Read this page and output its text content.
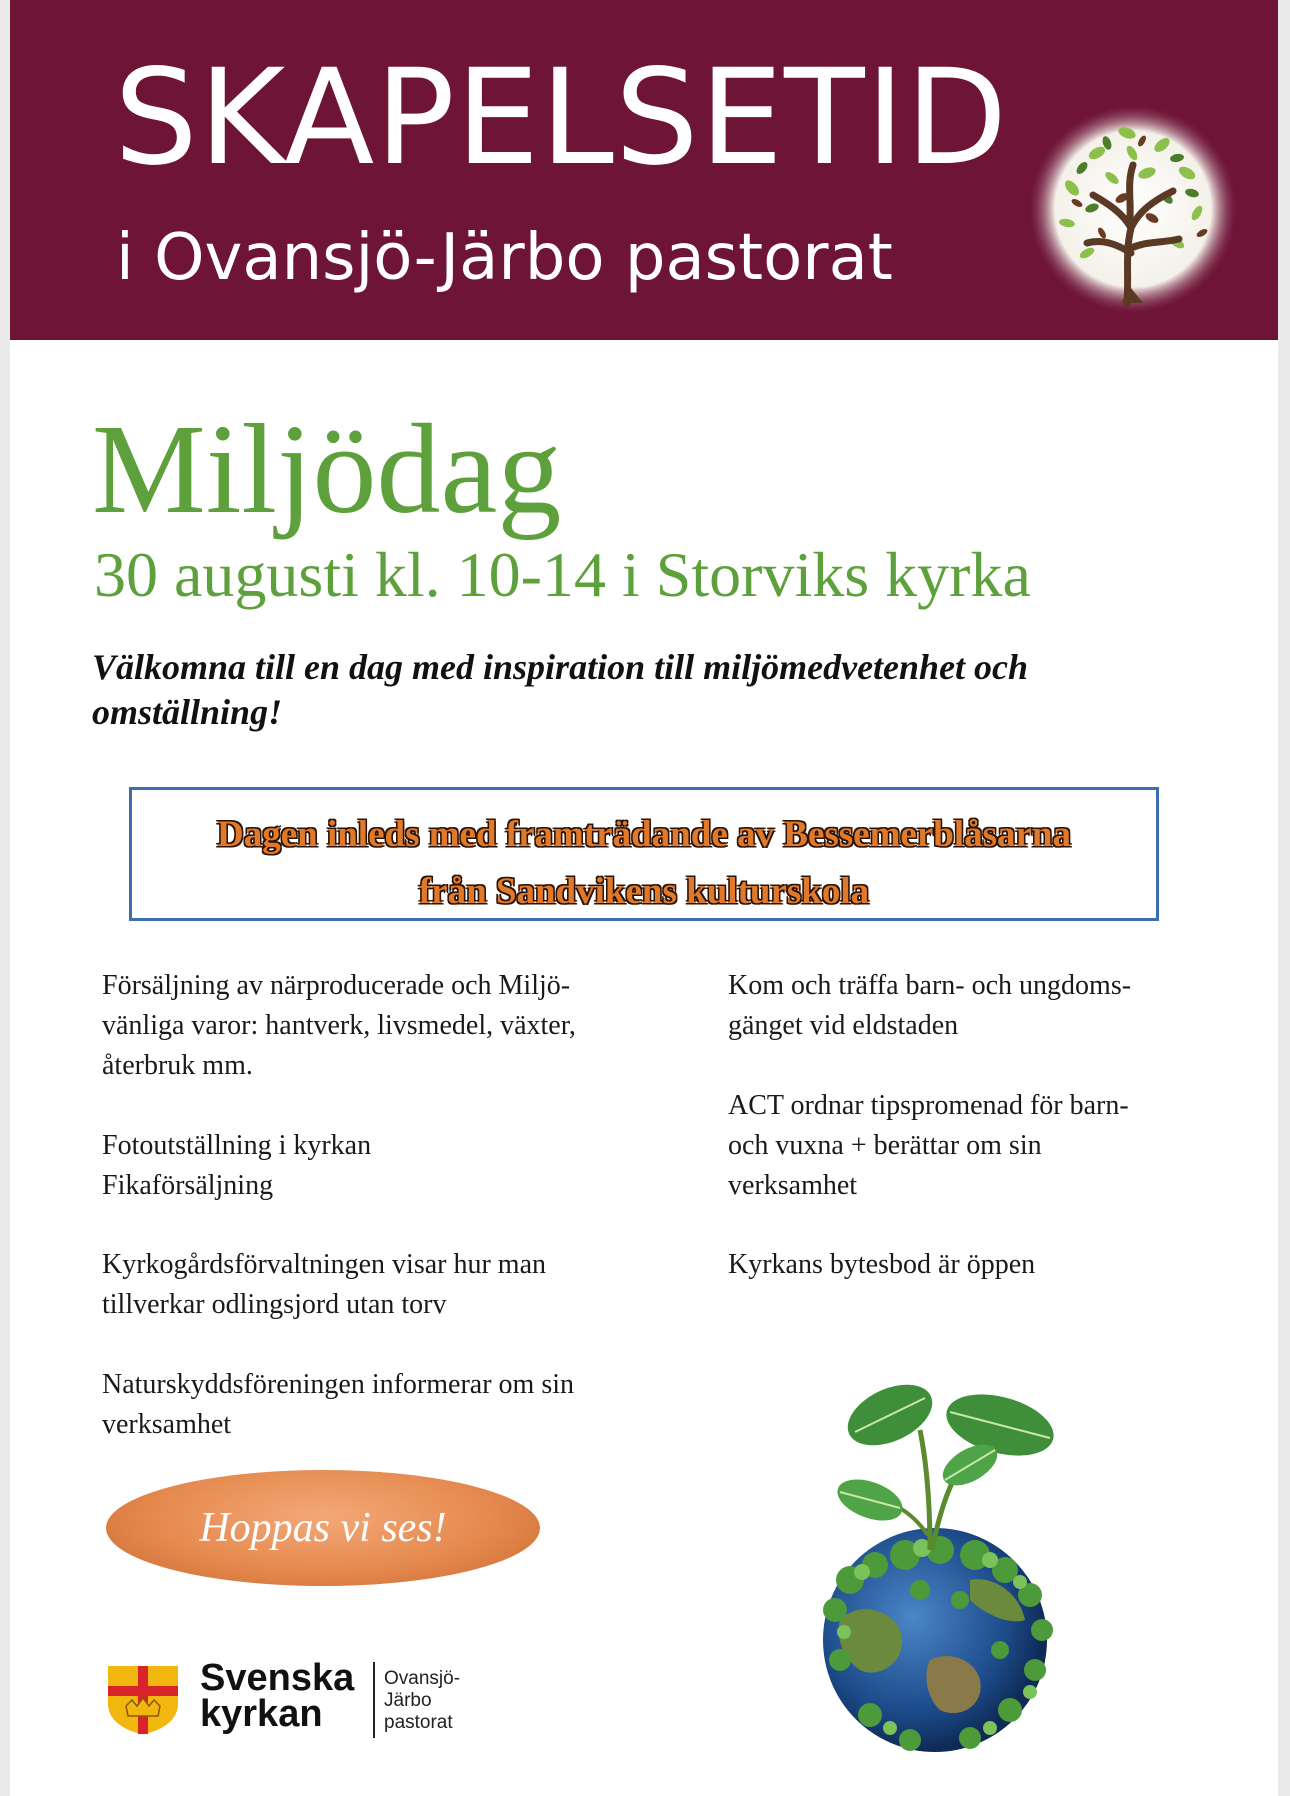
SKAPELSETID
i Ovansjö-Järbo pastorat
Miljödag
30 augusti kl. 10-14 i Storviks kyrka
Välkomna till en dag med inspiration till miljömedvetenhet och omställning!
Dagen inleds med framträdande av Bessemerblåsarna
från Sandvikens kulturskola
Försäljning av närproducerade och Miljö-
vänliga varor: hantverk, livsmedel, växter,
återbruk mm.
Fotoutställning i kyrkan
Fikaförsäljning
Kyrkogårdsförvaltningen visar hur man
tillverkar odlingsjord utan torv
Naturskyddsföreningen informerar om sin
verksamhet
Kom och träffa barn- och ungdoms-
gänget vid eldstaden
ACT ordnar tipspromenad för barn-
och vuxna + berättar om sin
verksamhet
Kyrkans bytesbod är öppen
Hoppas vi ses!
Svenska
kyrkan
Ovansjö-
Järbo
pastorat
